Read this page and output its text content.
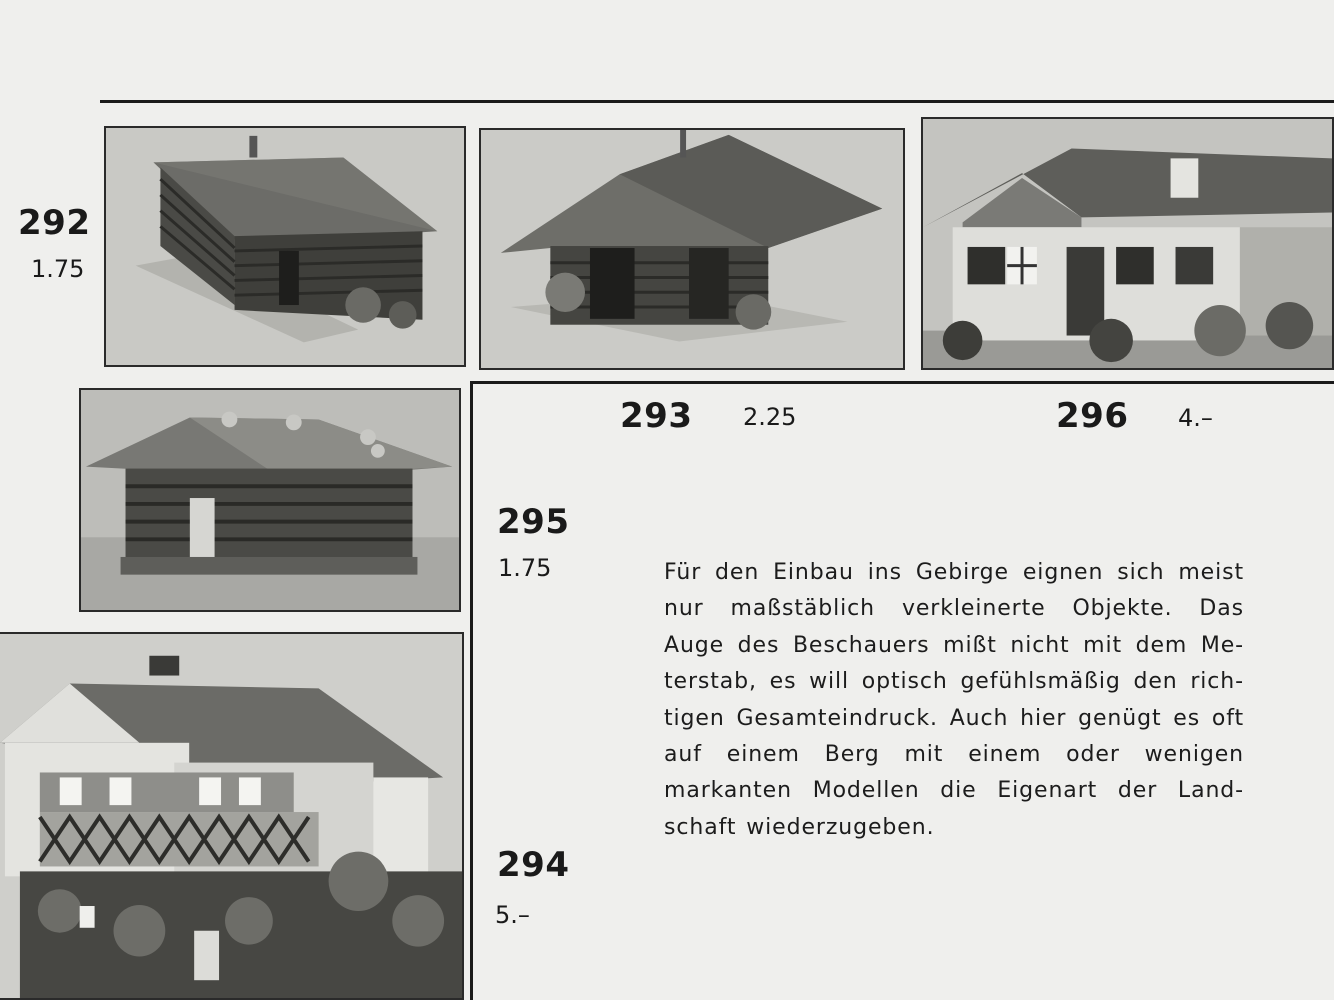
292
1.75
293 2.25	296 4.–
295
1.75
294
5.–
Für den Einbau ins Gebirge eignen sich meist
nur maßstäblich verkleinerte Objekte. Das
Auge des Beschauers mißt nicht mit dem Me-
terstab, es will optisch gefühlsmäßig den rich-
tigen Gesamteindruck. Auch hier genügt es oft
auf einem Berg mit einem oder wenigen
markanten Modellen die Eigenart der Land-
schaft wiederzugeben.
